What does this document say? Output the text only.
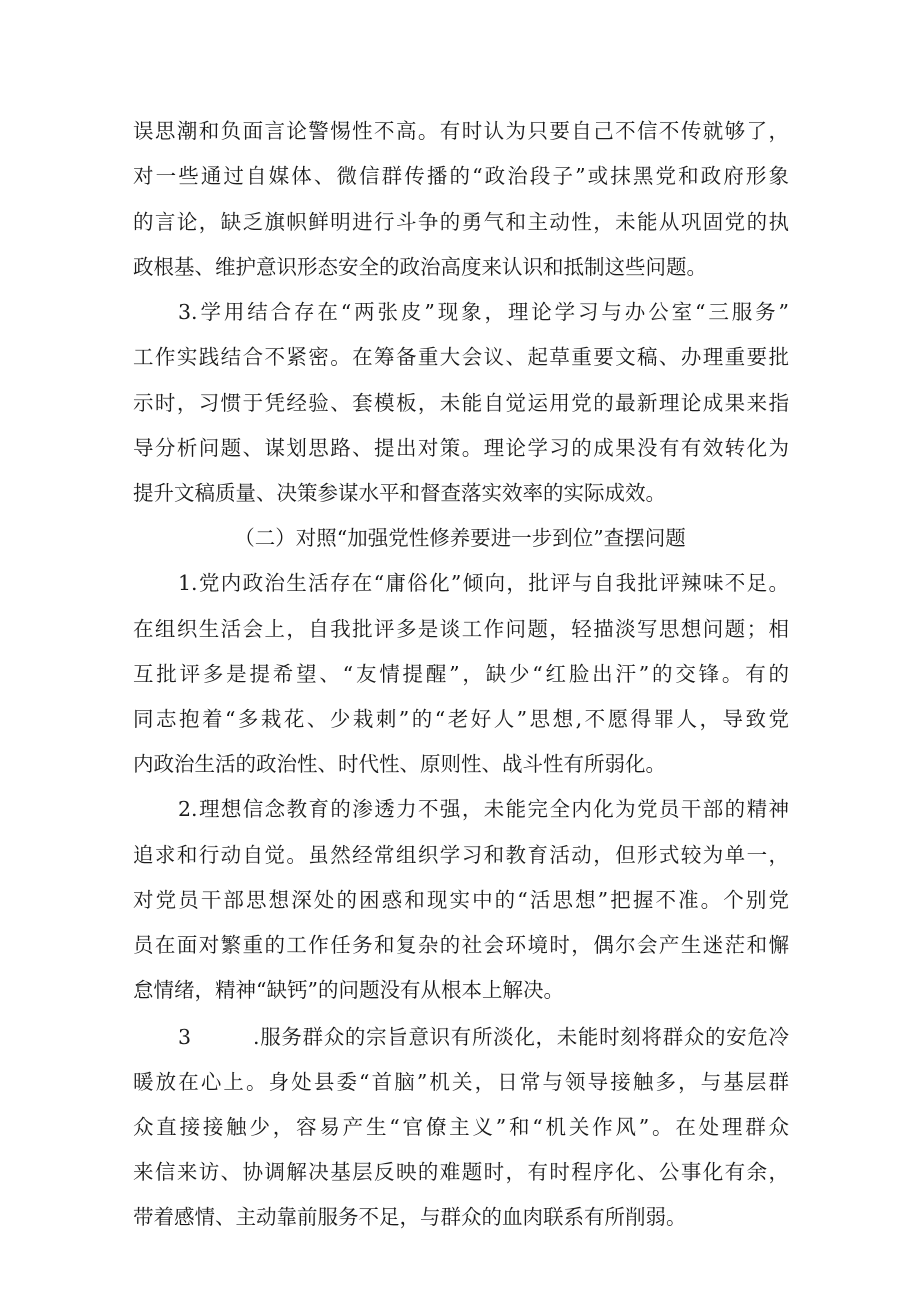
误思潮和负面言论警惕性不高。有时认为只要自己不信不传就够了，
对一些通过自媒体、微信群传播的“政治段子”或抹黑党和政府形象
的言论，缺乏旗帜鲜明进行斗争的勇气和主动性，未能从巩固党的执
政根基、维护意识形态安全的政治高度来认识和抵制这些问题。
3.学用结合存在“两张皮”现象，理论学习与办公室“三服务”
工作实践结合不紧密。在筹备重大会议、起草重要文稿、办理重要批
示时，习惯于凭经验、套模板，未能自觉运用党的最新理论成果来指
导分析问题、谋划思路、提出对策。理论学习的成果没有有效转化为
提升文稿质量、决策参谋水平和督查落实效率的实际成效。
（二）对照“加强党性修养要进一步到位”查摆问题
1.党内政治生活存在“庸俗化”倾向，批评与自我批评辣味不足。
在组织生活会上，自我批评多是谈工作问题，轻描淡写思想问题；相
互批评多是提希望、“友情提醒”，缺少“红脸出汗”的交锋。有的
同志抱着“多栽花、少栽刺”的“老好人”思想,不愿得罪人，导致党
内政治生活的政治性、时代性、原则性、战斗性有所弱化。
2.理想信念教育的渗透力不强，未能完全内化为党员干部的精神
追求和行动自觉。虽然经常组织学习和教育活动，但形式较为单一，
对党员干部思想深处的困惑和现实中的“活思想”把握不准。个别党
员在面对繁重的工作任务和复杂的社会环境时，偶尔会产生迷茫和懈
怠情绪，精神“缺钙”的问题没有从根本上解决。
3	.服务群众的宗旨意识有所淡化，未能时刻将群众的安危冷
暖放在心上。身处县委“首脑”机关，日常与领导接触多，与基层群
众直接接触少，容易产生“官僚主义”和“机关作风”。在处理群众
来信来访、协调解决基层反映的难题时，有时程序化、公事化有余，
带着感情、主动靠前服务不足，与群众的血肉联系有所削弱。
